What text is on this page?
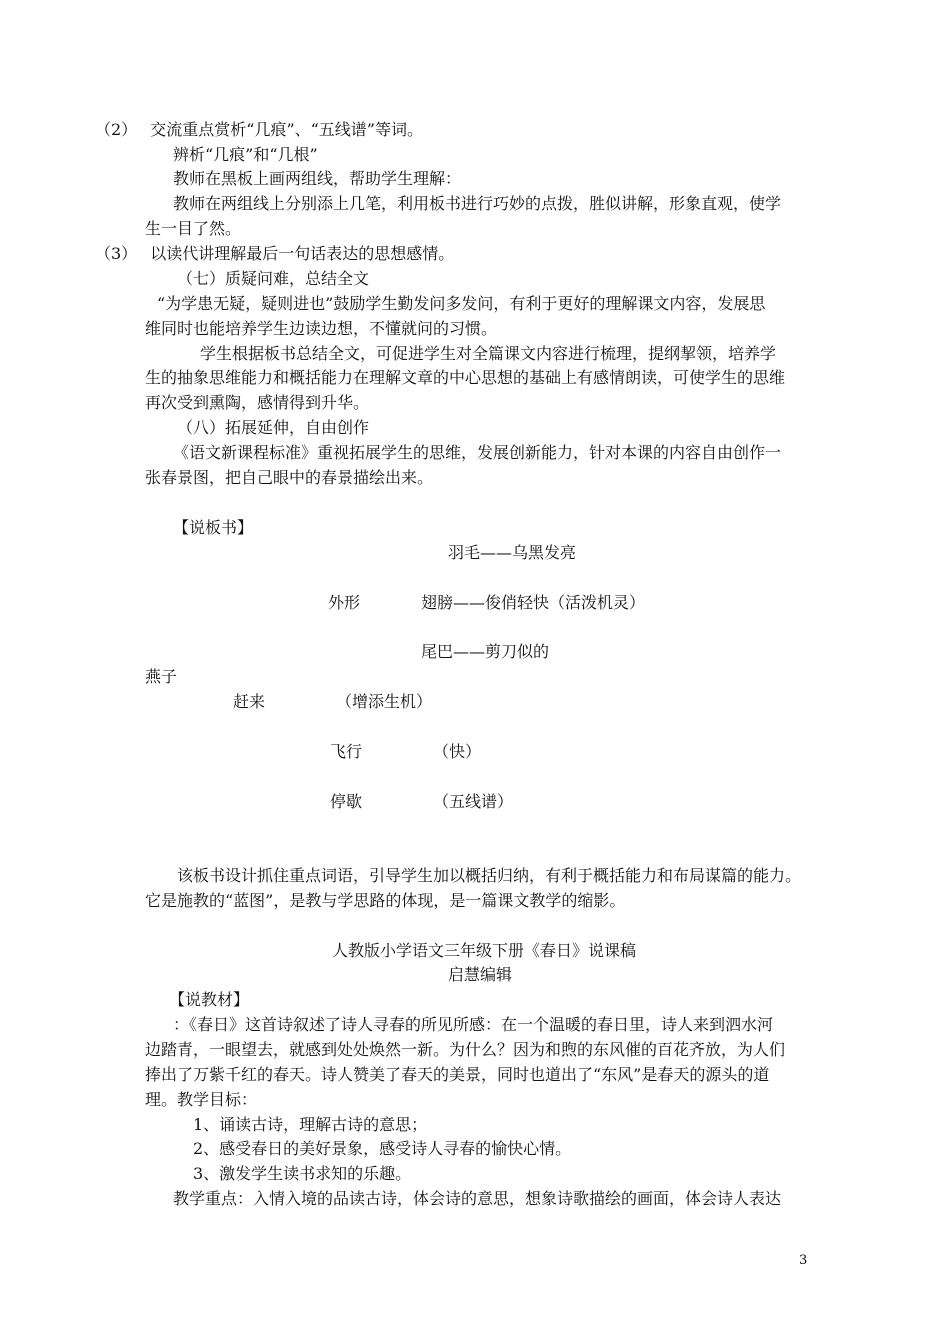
（2）　 交流重点赏析“几痕”、“五线谱”等词。
辨析“几痕”和“几根”
教师在黑板上画两组线，帮助学生理解：
教师在两组线上分别添上几笔，利用板书进行巧妙的点拨，胜似讲解，形象直观，使学
生一目了然。
（3）　 以读代讲理解最后一句话表达的思想感情。
（七）质疑问难，总结全文
“为学患无疑，疑则进也”鼓励学生勤发问多发问，有利于更好的理解课文内容，发展思
维同时也能培养学生边读边想，不懂就问的习惯。
学生根据板书总结全文，可促进学生对全篇课文内容进行梳理，提纲挈领，培养学
生的抽象思维能力和概括能力在理解文章的中心思想的基础上有感情朗读，可使学生的思维
再次受到熏陶，感情得到升华。
（八）拓展延伸，自由创作
《语文新课程标准》重视拓展学生的思维，发展创新能力，针对本课的内容自由创作一
张春景图，把自己眼中的春景描绘出来。
【说板书】
羽毛——乌黑发亮
外形	翅膀——俊俏轻快（活泼机灵）
尾巴——剪刀似的
燕子
赶来	（增添生机）
飞行	（快）
停歇	（五线谱）
该板书设计抓住重点词语，引导学生加以概括归纳，有利于概括能力和布局谋篇的能力。
它是施教的“蓝图”，是教与学思路的体现，是一篇课文教学的缩影。
人教版小学语文三年级下册《春日》说课稿
启慧编辑
【说教材】
：《春日》这首诗叙述了诗人寻春的所见所感：在一个温暖的春日里，诗人来到泗水河
边踏青，一眼望去，就感到处处焕然一新。为什么？因为和煦的东风催的百花齐放，为人们
捧出了万紫千红的春天。诗人赞美了春天的美景，同时也道出了“东风”是春天的源头的道
理。教学目标：
1、诵读古诗，理解古诗的意思；
2、感受春日的美好景象，感受诗人寻春的愉快心情。
3、激发学生读书求知的乐趣。
教学重点：入情入境的品读古诗，体会诗的意思，想象诗歌描绘的画面，体会诗人表达
3
